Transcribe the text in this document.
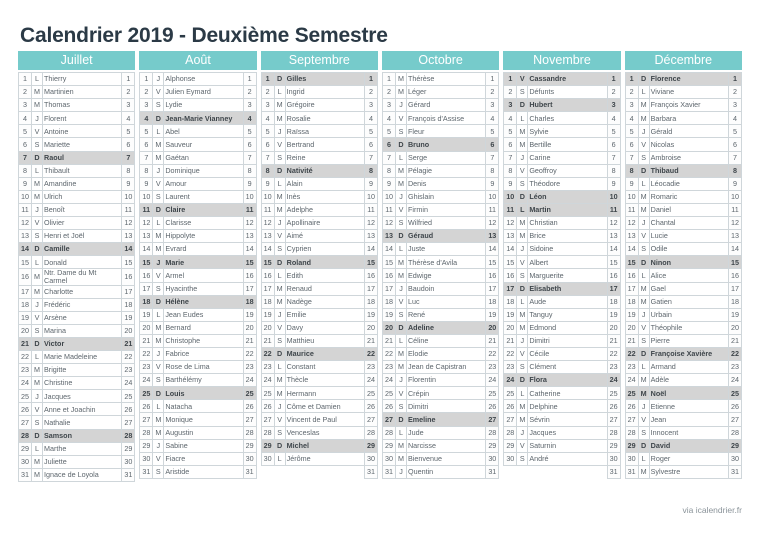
Calendrier 2019 - Deuxième Semestre
Juillet
1	L	Thierry	1
2	M	Martinien	2
3	M	Thomas	3
4	J	Florent	4
5	V	Antoine	5
6	S	Mariette	6
7	D	Raoul	7
8	L	Thibault	8
9	M	Amandine	9
10	M	Ulrich	10
11	J	Benoît	11
12	V	Olivier	12
13	S	Henri et Joël	13
14	D	Camille	14
15	L	Donald	15
16	M	Ntr. Dame du Mt Carmel	16
17	M	Charlotte	17
18	J	Frédéric	18
19	V	Arsène	19
20	S	Marina	20
21	D	Victor	21
22	L	Marie Madeleine	22
23	M	Brigitte	23
24	M	Christine	24
25	J	Jacques	25
26	V	Anne et Joachin	26
27	S	Nathalie	27
28	D	Samson	28
29	L	Marthe	29
30	M	Juliette	30
31	M	Ignace de Loyola	31
Août
1	J	Alphonse	1
2	V	Julien Eymard	2
3	S	Lydie	3
4	D	Jean-Marie Vianney	4
5	L	Abel	5
6	M	Sauveur	6
7	M	Gaétan	7
8	J	Dominique	8
9	V	Amour	9
10	S	Laurent	10
11	D	Claire	11
12	L	Clarisse	12
13	M	Hippolyte	13
14	M	Evrard	14
15	J	Marie	15
16	V	Armel	16
17	S	Hyacinthe	17
18	D	Hélène	18
19	L	Jean Eudes	19
20	M	Bernard	20
21	M	Christophe	21
22	J	Fabrice	22
23	V	Rose de Lima	23
24	S	Barthélémy	24
25	D	Louis	25
26	L	Natacha	26
27	M	Monique	27
28	M	Augustin	28
29	J	Sabine	29
30	V	Fiacre	30
31	S	Aristide	31
Septembre
1	D	Gilles	1
2	L	Ingrid	2
3	M	Grégoire	3
4	M	Rosalie	4
5	J	Raïssa	5
6	V	Bertrand	6
7	S	Reine	7
8	D	Nativité	8
9	L	Alain	9
10	M	Inès	10
11	M	Adelphe	11
12	J	Apollinaire	12
13	V	Aimé	13
14	S	Cyprien	14
15	D	Roland	15
16	L	Edith	16
17	M	Renaud	17
18	M	Nadège	18
19	J	Emilie	19
20	V	Davy	20
21	S	Matthieu	21
22	D	Maurice	22
23	L	Constant	23
24	M	Thècle	24
25	M	Hermann	25
26	J	Côme et Damien	26
27	V	Vincent de Paul	27
28	S	Venceslas	28
29	D	Michel	29
30	L	Jérôme	30
			31
Octobre
1	M	Thérèse	1
2	M	Léger	2
3	J	Gérard	3
4	V	François d'Assise	4
5	S	Fleur	5
6	D	Bruno	6
7	L	Serge	7
8	M	Pélagie	8
9	M	Denis	9
10	J	Ghislain	10
11	V	Firmin	11
12	S	Wilfried	12
13	D	Géraud	13
14	L	Juste	14
15	M	Thérèse d'Avila	15
16	M	Edwige	16
17	J	Baudoin	17
18	V	Luc	18
19	S	René	19
20	D	Adeline	20
21	L	Céline	21
22	M	Elodie	22
23	M	Jean de Capistran	23
24	J	Florentin	24
25	V	Crépin	25
26	S	Dimitri	26
27	D	Emeline	27
28	L	Jude	28
29	M	Narcisse	29
30	M	Bienvenue	30
31	J	Quentin	31
Novembre
1	V	Cassandre	1
2	S	Défunts	2
3	D	Hubert	3
4	L	Charles	4
5	M	Sylvie	5
6	M	Bertille	6
7	J	Carine	7
8	V	Geoffroy	8
9	S	Théodore	9
10	D	Léon	10
11	L	Martin	11
12	M	Christian	12
13	M	Brice	13
14	J	Sidoine	14
15	V	Albert	15
16	S	Marguerite	16
17	D	Elisabeth	17
18	L	Aude	18
19	M	Tanguy	19
20	M	Edmond	20
21	J	Dimitri	21
22	V	Cécile	22
23	S	Clément	23
24	D	Flora	24
25	L	Catherine	25
26	M	Delphine	26
27	M	Sévrin	27
28	J	Jacques	28
29	V	Saturnin	29
30	S	André	30
			31
Décembre
1	D	Florence	1
2	L	Viviane	2
3	M	François Xavier	3
4	M	Barbara	4
5	J	Gérald	5
6	V	Nicolas	6
7	S	Ambroise	7
8	D	Thibaud	8
9	L	Léocadie	9
10	M	Romaric	10
11	M	Daniel	11
12	J	Chantal	12
13	V	Lucie	13
14	S	Odile	14
15	D	Ninon	15
16	L	Alice	16
17	M	Gael	17
18	M	Gatien	18
19	J	Urbain	19
20	V	Théophile	20
21	S	Pierre	21
22	D	Françoise Xavière	22
23	L	Armand	23
24	M	Adèle	24
25	M	Noël	25
26	J	Etienne	26
27	V	Jean	27
28	S	Innocent	28
29	D	David	29
30	L	Roger	30
31	M	Sylvestre	31
via icalendrier.fr
